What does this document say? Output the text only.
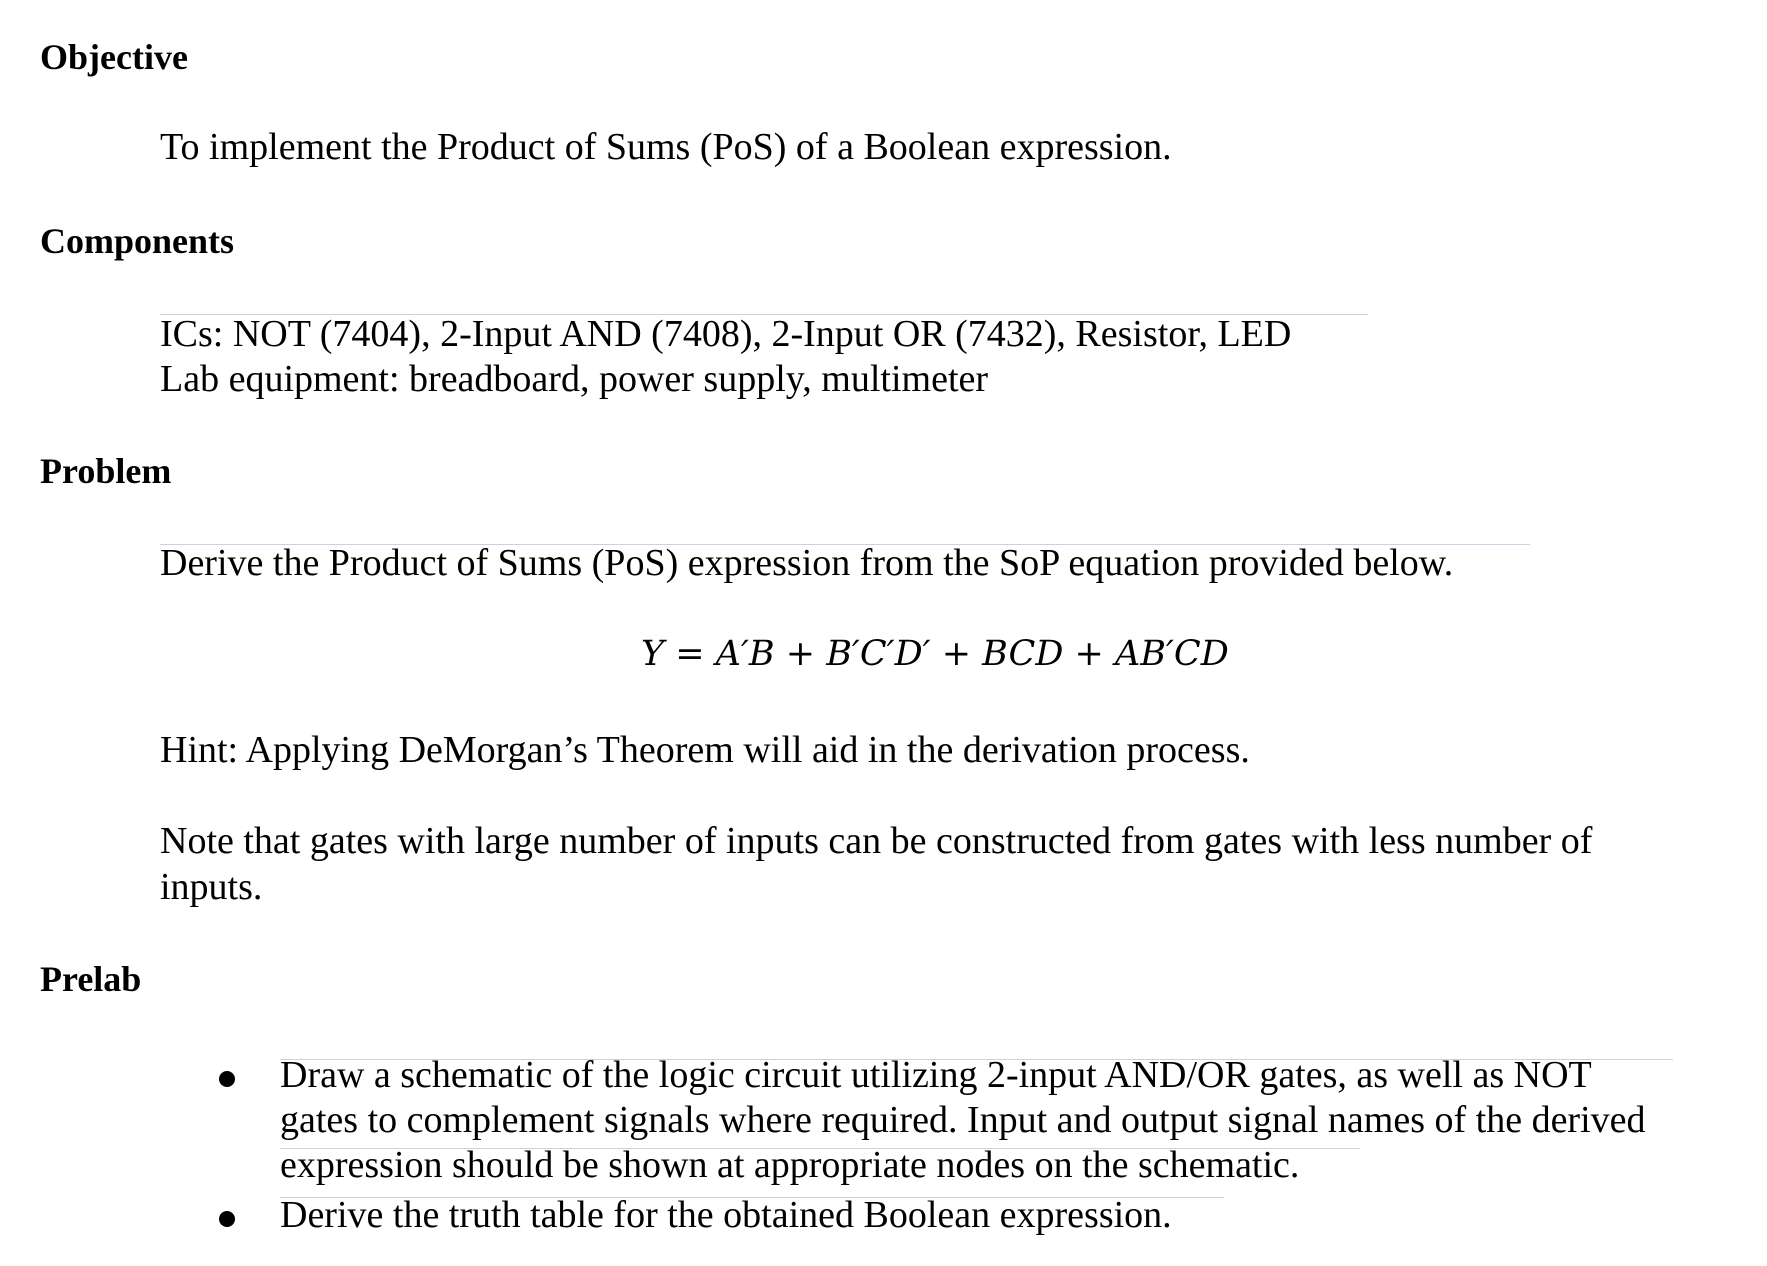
Objective
To implement the Product of Sums (PoS) of a Boolean expression.
Components
ICs: NOT (7404), 2-Input AND (7408), 2-Input OR (7432), Resistor, LED
Lab equipment: breadboard, power supply, multimeter
Problem
Derive the Product of Sums (PoS) expression from the SoP equation provided below.
Y = A′B + B′C′D′ + BCD + AB′CD
Hint: Applying DeMorgan’s Theorem will aid in the derivation process.
Note that gates with large number of inputs can be constructed from gates with less number of
inputs.
Prelab
Draw a schematic of the logic circuit utilizing 2-input AND/OR gates, as well as NOT
gates to complement signals where required. Input and output signal names of the derived
expression should be shown at appropriate nodes on the schematic.
Derive the truth table for the obtained Boolean expression.
